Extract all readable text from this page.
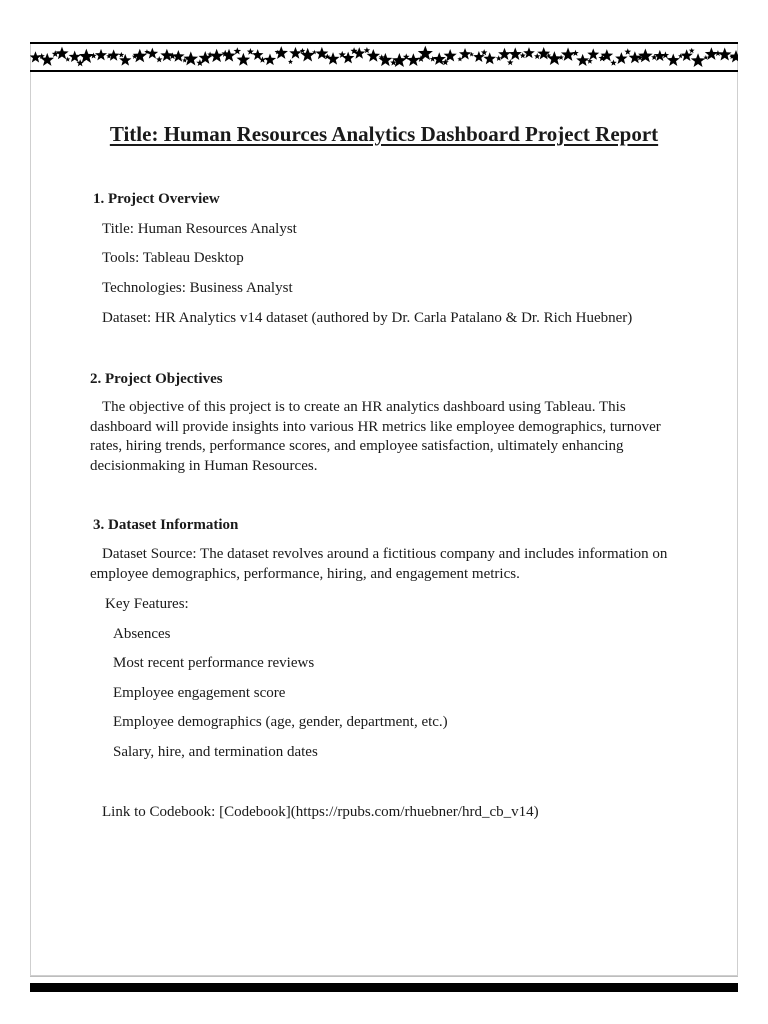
Title: Human Resources Analytics Dashboard Project Report

1. Project Overview

Title: Human Resources Analyst

Tools: Tableau Desktop

Technologies: Business Analyst

Dataset: HR Analytics v14 dataset (authored by Dr. Carla Patalano & Dr. Rich Huebner)

2. Project Objectives

The objective of this project is to create an HR analytics dashboard using Tableau. This dashboard will provide insights into various HR metrics like employee demographics, turnover rates, hiring trends, performance scores, and employee satisfaction, ultimately enhancing decisionmaking in Human Resources.

3. Dataset Information

Dataset Source: The dataset revolves around a fictitious company and includes information on employee demographics, performance, hiring, and engagement metrics.

Key Features:

Absences

Most recent performance reviews

Employee engagement score

Employee demographics (age, gender, department, etc.)

Salary, hire, and termination dates

Link to Codebook: [Codebook](https://rpubs.com/rhuebner/hrd_cb_v14)
